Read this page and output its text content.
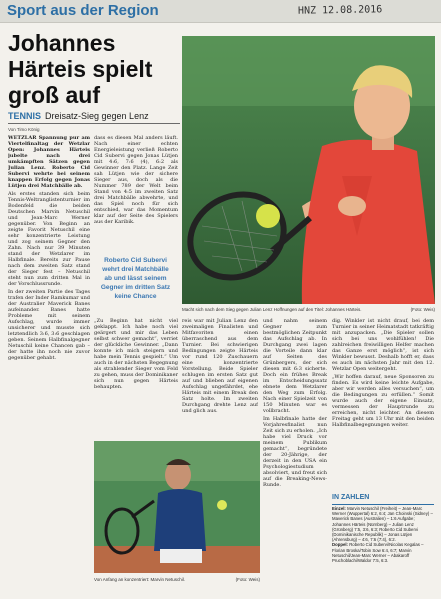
Sport aus der Region	HNZ 12.08.2016
Johannes Härteis spielt groß auf
TENNIS Dreisatz-Sieg gegen Lenz
Von Timo König
Macht sich nach dem Sieg gegen Julian Lenz Hoffnungen auf den Titel: Johannes Härteis.	(Foto: Weis)

WETZLAR Spannung pur am Viertelfinaltag der Wetzlar Open: Johannes Härteis jubelte nach drei umkämpften Sätzen gegen Julian Lenz. Roberto Cid Subervi wehrte bei seinem knappen Erfolg gegen Jonas Lütjen drei Matchbälle ab.

Als erstes standen sich beim Tennis-Weltranglistenturnier im Bodenfeld die beiden Deutschen Marvin Netuschil und Jean-Marc Werner gegenüber. Von Beginn an zeigte Favorit Netuschil eine sehr konzentrierte Leistung und zog seinem Gegner den Zahn. Nach nur 39 Minuten stand der Wetzlarer im Halbfinale. Bereits zur Pause nach dem zweiten Satz stand der Sieger fest – Netuschil steht nun zum dritten Mal in der Vorschlussrunde.

In der zweiten Partie des Tages trafen der Inder Ramkumar und der Australier Maverick Banes aufeinander. Banes hatte Probleme mit seinem Aufschlag, wurde immer unsicherer und musste sich letztendlich 3:6, 3:6 geschlagen geben. Seinem Halbfinalgegner Netuschil keine Chancen gab – der hatte ihn noch nie zuvor gegenüber gehabt.

dass es diesen Mal anders läuft. Nach einer echten Energieleistung verließ Roberto Cid Subervi gegen Jonas Lütjen mit 4:6, 7:6 (4), 6:2 als Gewinner den Platz. Lange Zeit sah Lütjen wie der sichere Sieger aus, doch als die Nummer 789 der Welt beim Stand von 4:5 im zweiten Satz drei Matchbälle abwehrte, und das Spiel noch für sich entschied, war das Momentum klar auf der Seite des Spielers aus der Karibik.

Roberto Cid Subervi wehrt drei Matchbälle ab und lässt seinem Gegner im dritten Satz keine Chance

„Zu Beginn hat nicht viel geklappt. Ich habe noch viel geärgert und mir das Leben selbst schwer gemacht“, verriet der glückliche Gewinner. „Dann konnte ich mich steigern und habe mein Tennis gespielt.“ Um auch in der nächsten Begegnung als strahlender Sieger vom Feld zu gehen, muss der Dominikaner sich nun gegen Härteis behaupten.

Von Anfang an konzentriert: Marvin Netuschil.	(Foto: Weis)

reis war mit Julian Lenz den zweimaligen Finalisten und Mitfavoriten einen überraschend aus dem Turnier. Bei schwierigen Bedingungen zeigte Härteis vor rund 120 Zuschauern eine konzentrierte Vorstellung. Beide Spieler schlugen im ersten Satz gut auf und blieben auf eigenen Aufschlag ungefährdet, ehe Härteis mit einem Break den Satz holte. Im zweiten Durchgang drehte Lenz auf und glich aus.

und nahm seinem Gegner zum bestmöglichen Zeitpunkt das Aufschlag ab. In Durchgang zwei lagen die Vorteile dann klar auf Seiten des Grünbergers, der sich diesen mit 6:3 sicherte. Doch ein frühes Break im Entscheidungssatz ebnete dem Wetzlarer den Weg zum Erfolg. Nach einer Spielzeit von 150 Minuten war es vollbracht.

Im Halbfinale hatte der Vorjahresfinalist nun Zeit sich zu erholen. „Ich habe viel Druck vor meinem Publikum gemacht“, begründete der 20-Jährige, der derzeit in den USA ein Psychologiestudium absolviert, und freut sich auf die Breaking-News-Runde.

dig. Winkler ist nicht drauf, bei dem Turnier in seiner Heimatstadt tatkräftig mit anzupacken. „Die Spieler sollen sich bei uns wohlfühlen! Die zahlreichen freiwilligen Helfer machen das Ganze erst möglich“, ist sich Winkler bewusst. Deshalb hofft er, dass es auch im nächsten Jahr mit den 12. Wetzlar Open weitergeht.

„Wir hoffen darauf, neue Sponsoren zu finden. Es wird keine leichte Aufgabe, aber wir werden alles versuchen“, um die Bedingungen zu erfüllen.“ Somit wurde auch der eigene Einsatz, vermessen der Hauptrunde zu erreichen, nicht leichter. An diesem Freitag geht um 13 Uhr mit den beiden Halbfinalbegegnungen weiter.

IN ZAHLEN
Einzel: Marvin Netuschil (Freiheit) – Jean-Marc Werner (Wuppertal) 6:2, 6:4; Jan Choinski (Sidney) – Maverick Banes (Australien) – 1:6 Aufgabe; Johannes Härteis (Nürnberg) – Julian Lenz (Grünberg) 7:5, 3:6, 6:3; Roberto Cid Subervi (Dominikanische Republik) – Jonas Lütjen (Ahrensburg) – 4:6, 7:6 (7:4), 6:2.
Doppel: Roberto Cid Subervi/Nicolas Kegalas – Florian Broska/Tobin Sow 6:4, 6:7; Marvin Netuschil/Jean-Marc Werner – Abakaroff Pruchoblachi/Waldor 7:5, 6:3.
